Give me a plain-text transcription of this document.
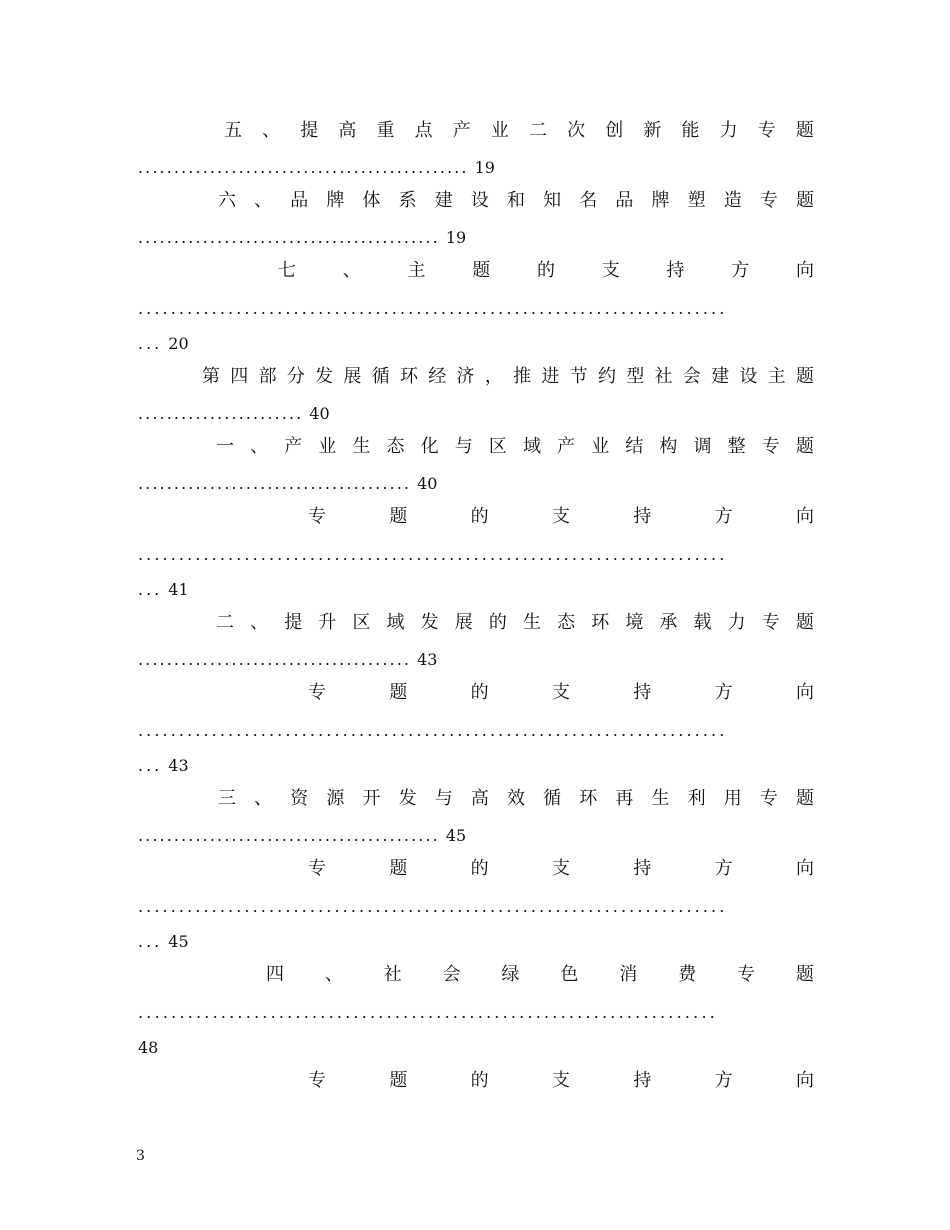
五 、 提 高 重 点 产 业 二 次 创 新 能 力 专 题
.............................................. 19
六 、 品 牌 体 系 建 设 和 知 名 品 牌 塑 造 专 题
.......................................... 19
七	、	主	题	的	支	持	方	向
........................................................................
... 20
第 四 部 分 发 展 循 环 经 济 ， 推 进 节 约 型 社 会 建 设 主 题
....................... 40
一 、 产 业 生 态 化 与 区 域 产 业 结 构 调 整 专 题
...................................... 40
专	题	的	支	持	方	向
........................................................................
... 41
二 、 提 升 区 域 发 展 的 生 态 环 境 承 载 力 专 题
...................................... 43
专	题	的	支	持	方	向
........................................................................
... 43
三 、 资 源 开 发 与 高 效 循 环 再 生 利 用 专 题
.......................................... 45
专	题	的	支	持	方	向
........................................................................
... 45
四 、 社 会 绿 色 消 费 专 题
......................................................................
48
专	题	的	支	持	方	向
3
